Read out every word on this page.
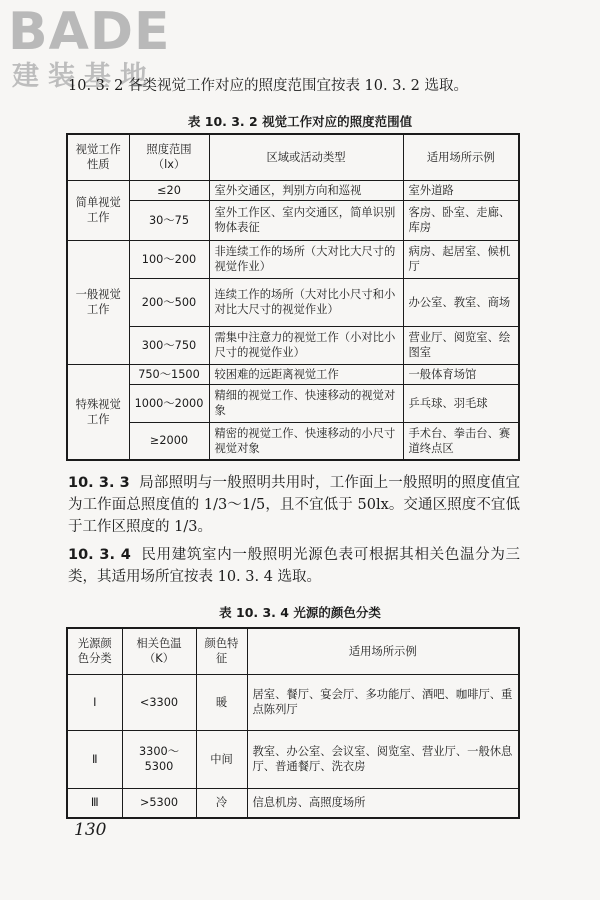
BADE
建装基地
10. 3. 2 各类视觉工作对应的照度范围宜按表 10. 3. 2 选取。
表 10. 3. 2 视觉工作对应的照度范围值
视觉工作性质	照度范围（lx）	区域或活动类型	适用场所示例
简单视觉工作	≤20	室外交通区，判别方向和巡视	室外道路
	30～75	室外工作区、室内交通区，简单识别物体表征	客房、卧室、走廊、库房
一般视觉工作	100～200	非连续工作的场所（大对比大尺寸的视觉作业）	病房、起居室、候机厅
	200～500	连续工作的场所（大对比小尺寸和小对比大尺寸的视觉作业）	办公室、教室、商场
	300～750	需集中注意力的视觉工作（小对比小尺寸的视觉作业）	营业厅、阅览室、绘图室
特殊视觉工作	750～1500	较困难的远距离视觉工作	一般体育场馆
	1000～2000	精细的视觉工作、快速移动的视觉对象	乒乓球、羽毛球
	≥2000	精密的视觉工作、快速移动的小尺寸视觉对象	手术台、拳击台、赛道终点区
10. 3. 3 局部照明与一般照明共用时，工作面上一般照明的照度值宜为工作面总照度值的 1/3～1/5，且不宜低于 50lx。交通区照度不宜低于工作区照度的 1/3。
10. 3. 4 民用建筑室内一般照明光源色表可根据其相关色温分为三类，其适用场所宜按表 10. 3. 4 选取。
表 10. 3. 4 光源的颜色分类
光源颜色分类	相关色温（K）	颜色特征	适用场所示例
Ⅰ	<3300	暖	居室、餐厅、宴会厅、多功能厅、酒吧、咖啡厅、重点陈列厅
Ⅱ	3300～5300	中间	教室、办公室、会议室、阅览室、营业厅、一般休息厅、普通餐厅、洗衣房
Ⅲ	>5300	冷	信息机房、高照度场所
130
